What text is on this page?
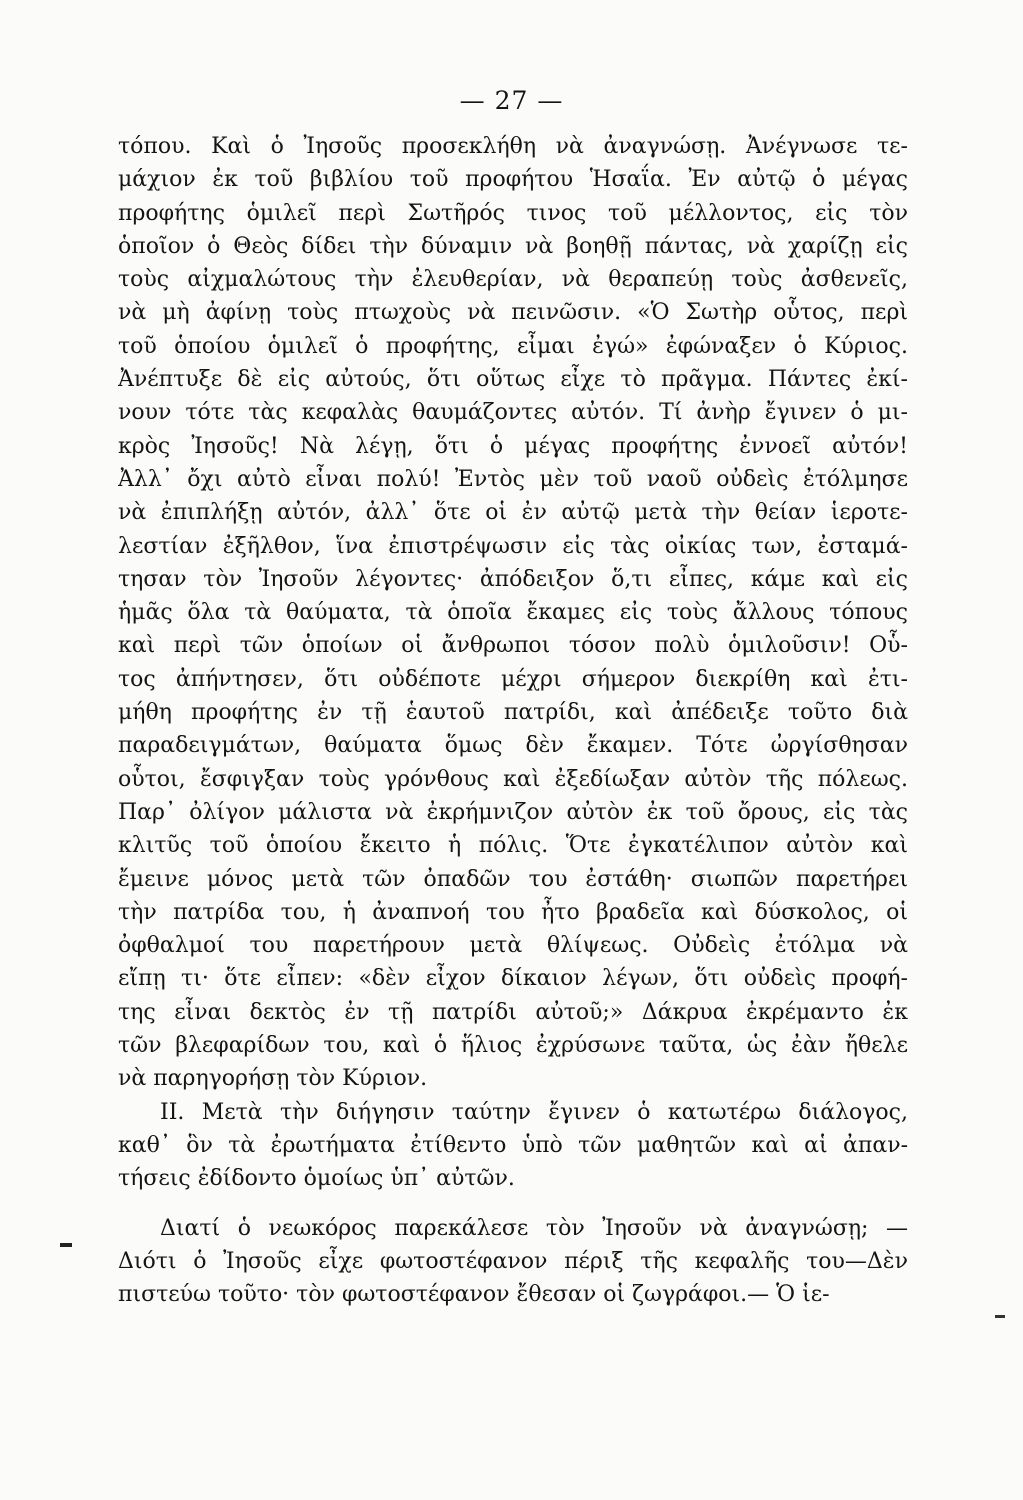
— 27 —
τόπου. Καὶ ὁ Ἰησοῦς προσεκλήθη νὰ ἀναγνώσῃ. Ἀνέγνωσε τε-
μάχιον ἐκ τοῦ βιβλίου τοῦ προφήτου Ἡσαΐα. Ἐν αὐτῷ ὁ μέγας
προφήτης ὁμιλεῖ περὶ Σωτῆρός τινος τοῦ μέλλοντος, εἰς τὸν
ὁποῖον ὁ Θεὸς δίδει τὴν δύναμιν νὰ βοηθῇ πάντας, νὰ χαρίζῃ εἰς
τοὺς αἰχμαλώτους τὴν ἐλευθερίαν, νὰ θεραπεύῃ τοὺς ἀσθενεῖς,
νὰ μὴ ἀφίνῃ τοὺς πτωχοὺς νὰ πεινῶσιν. «Ὁ Σωτὴρ οὗτος, περὶ
τοῦ ὁποίου ὁμιλεῖ ὁ προφήτης, εἶμαι ἐγώ» ἐφώναξεν ὁ Κύριος.
Ἀνέπτυξε δὲ εἰς αὐτούς, ὅτι οὕτως εἶχε τὸ πρᾶγμα. Πάντες ἐκί-
νουν τότε τὰς κεφαλὰς θαυμάζοντες αὐτόν. Τί ἀνὴρ ἔγινεν ὁ μι-
κρὸς Ἰησοῦς! Νὰ λέγῃ, ὅτι ὁ μέγας προφήτης ἐννοεῖ αὐτόν!
Ἀλλ᾽ ὄχι αὐτὸ εἶναι πολύ! Ἐντὸς μὲν τοῦ ναοῦ οὐδεὶς ἐτόλμησε
νὰ ἐπιπλήξῃ αὐτόν, ἀλλ᾽ ὅτε οἱ ἐν αὐτῷ μετὰ τὴν θείαν ἱεροτε-
λεστίαν ἐξῆλθον, ἵνα ἐπιστρέψωσιν εἰς τὰς οἰκίας των, ἐσταμά-
τησαν τὸν Ἰησοῦν λέγοντες· ἀπόδειξον ὅ,τι εἶπες, κάμε καὶ εἰς
ἡμᾶς ὅλα τὰ θαύματα, τὰ ὁποῖα ἔκαμες εἰς τοὺς ἄλλους τόπους
καὶ περὶ τῶν ὁποίων οἱ ἄνθρωποι τόσον πολὺ ὁμιλοῦσιν! Οὗ-
τος ἀπήντησεν, ὅτι οὐδέποτε μέχρι σήμερον διεκρίθη καὶ ἐτι-
μήθη προφήτης ἐν τῇ ἑαυτοῦ πατρίδι, καὶ ἀπέδειξε τοῦτο διὰ
παραδειγμάτων, θαύματα ὅμως δὲν ἔκαμεν. Τότε ὠργίσθησαν
οὗτοι, ἔσφιγξαν τοὺς γρόνθους καὶ ἐξεδίωξαν αὐτὸν τῆς πόλεως.
Παρ᾽ ὀλίγον μάλιστα νὰ ἐκρήμνιζον αὐτὸν ἐκ τοῦ ὄρους, εἰς τὰς
κλιτῦς τοῦ ὁποίου ἔκειτο ἡ πόλις. Ὅτε ἐγκατέλιπον αὐτὸν καὶ
ἔμεινε μόνος μετὰ τῶν ὀπαδῶν του ἐστάθη· σιωπῶν παρετήρει
τὴν πατρίδα του, ἡ ἀναπνοή του ἦτο βραδεῖα καὶ δύσκολος, οἱ
ὀφθαλμοί του παρετήρουν μετὰ θλίψεως. Οὐδεὶς ἐτόλμα νὰ
εἴπῃ τι· ὅτε εἶπεν: «δὲν εἶχον δίκαιον λέγων, ὅτι οὐδεὶς προφή-
της εἶναι δεκτὸς ἐν τῇ πατρίδι αὐτοῦ;» Δάκρυα ἐκρέμαντο ἐκ
τῶν βλεφαρίδων του, καὶ ὁ ἥλιος ἐχρύσωνε ταῦτα, ὡς ἐὰν ἤθελε
νὰ παρηγορήσῃ τὸν Κύριον.
II. Μετὰ τὴν διήγησιν ταύτην ἔγινεν ὁ κατωτέρω διάλογος,
καθ᾽ ὃν τὰ ἐρωτήματα ἐτίθεντο ὑπὸ τῶν μαθητῶν καὶ αἱ ἀπαν-
τήσεις ἐδίδοντο ὁμοίως ὑπ᾽ αὐτῶν.
Διατί ὁ νεωκόρος παρεκάλεσε τὸν Ἰησοῦν νὰ ἀναγνώσῃ; —
Διότι ὁ Ἰησοῦς εἶχε φωτοστέφανον πέριξ τῆς κεφαλῆς του—Δὲν
πιστεύω τοῦτο· τὸν φωτοστέφανον ἔθεσαν οἱ ζωγράφοι.— Ὁ ἱε-
